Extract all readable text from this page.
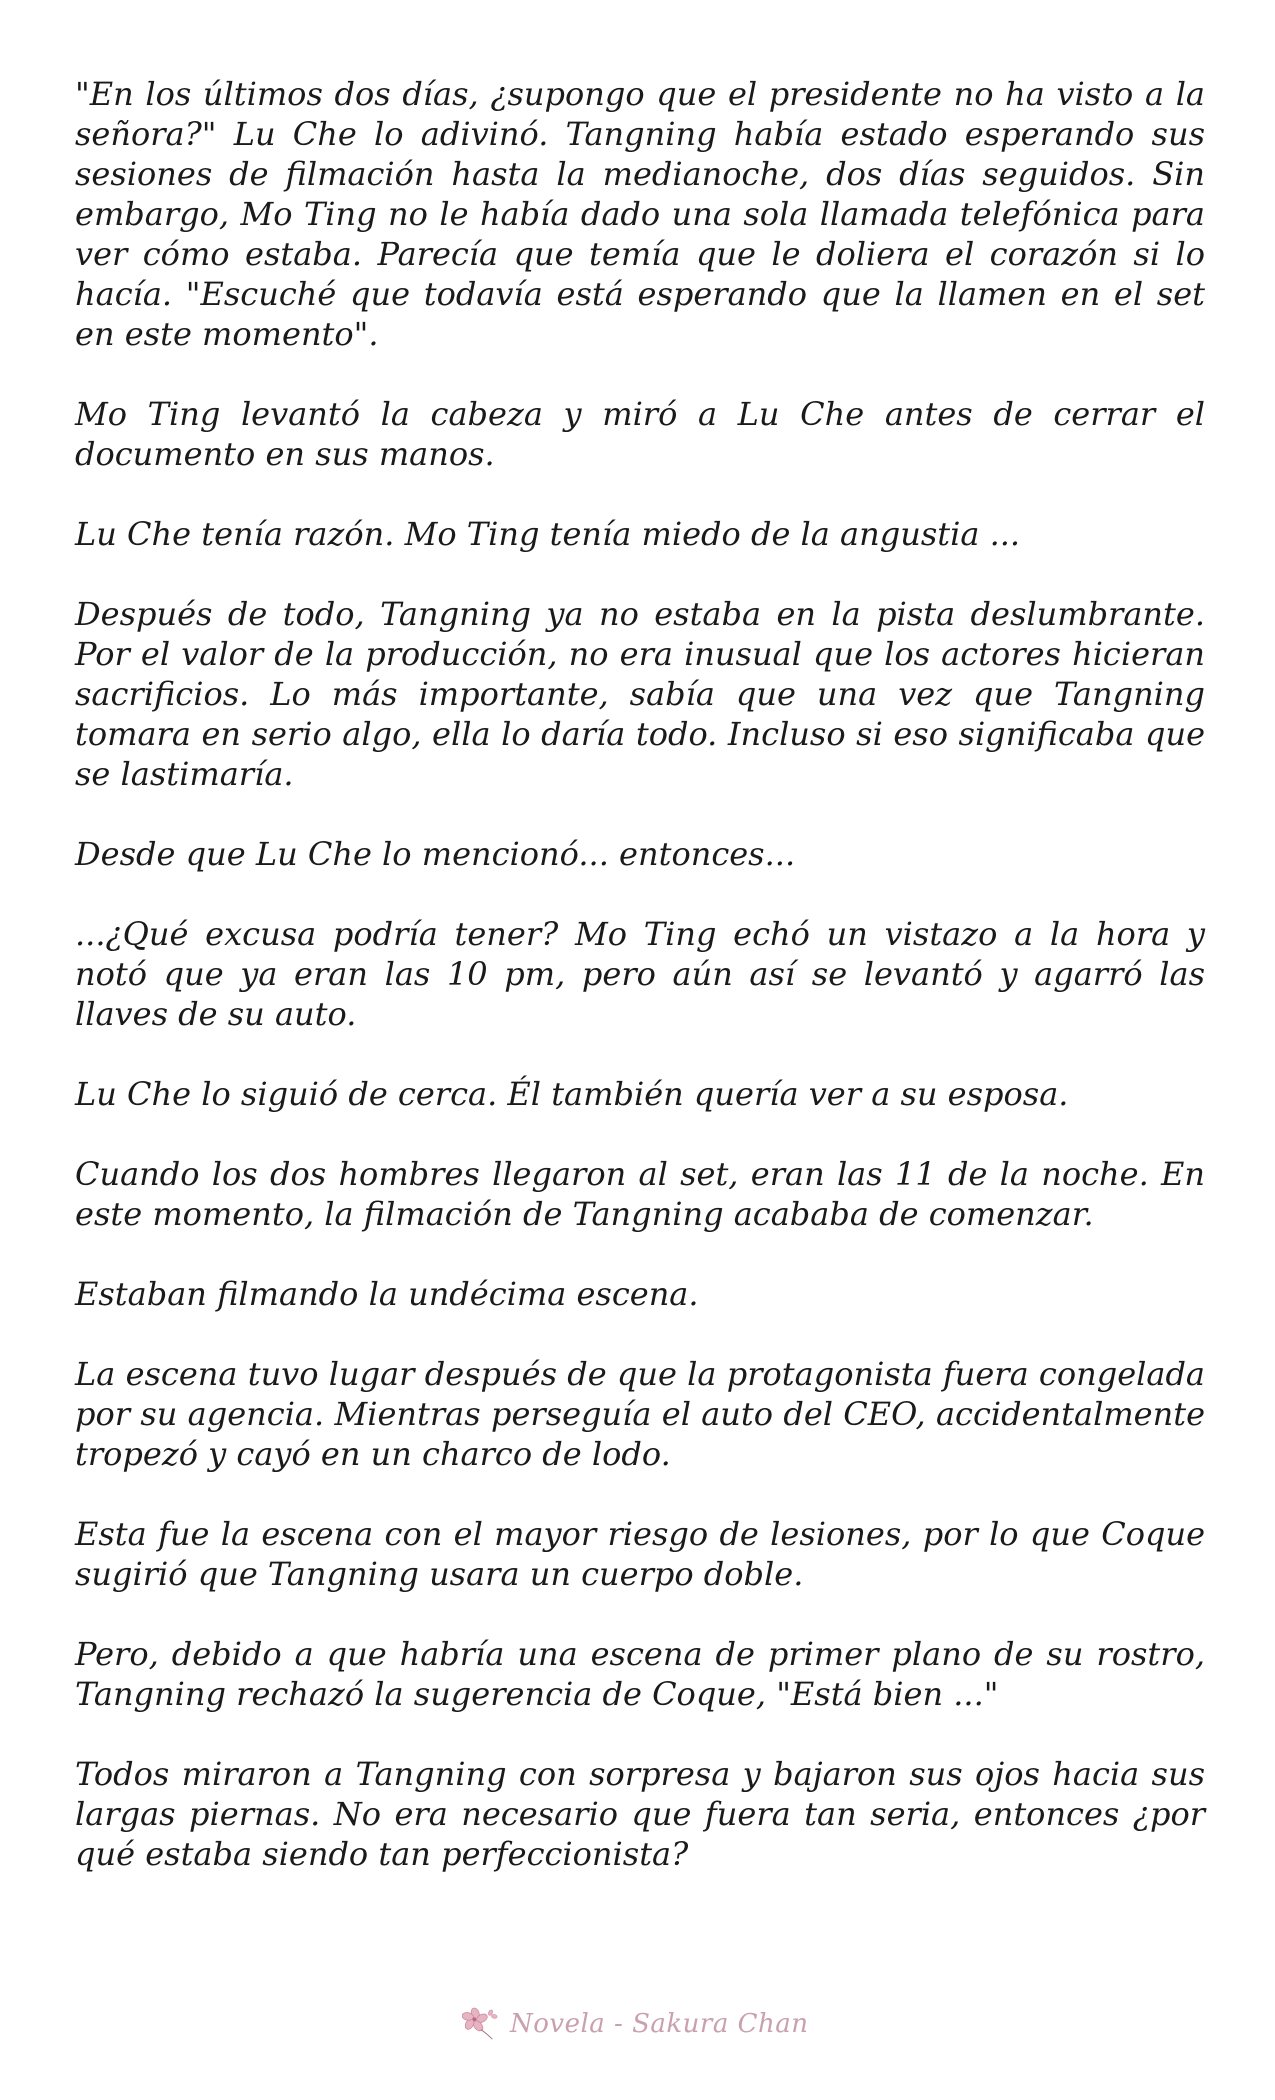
"En los últimos dos días, ¿supongo que el presidente no ha visto a la señora?" Lu Che lo adivinó. Tangning había estado esperando sus sesiones de filmación hasta la medianoche, dos días seguidos. Sin embargo, Mo Ting no le había dado una sola llamada telefónica para ver cómo estaba. Parecía que temía que le doliera el corazón si lo hacía. "Escuché que todavía está esperando que la llamen en el set en este momento".

Mo Ting levantó la cabeza y miró a Lu Che antes de cerrar el documento en sus manos.

Lu Che tenía razón. Mo Ting tenía miedo de la angustia ...

Después de todo, Tangning ya no estaba en la pista deslumbrante. Por el valor de la producción, no era inusual que los actores hicieran sacrificios. Lo más importante, sabía que una vez que Tangning tomara en serio algo, ella lo daría todo. Incluso si eso significaba que se lastimaría.

Desde que Lu Che lo mencionó... entonces...

...¿Qué excusa podría tener? Mo Ting echó un vistazo a la hora y notó que ya eran las 10 pm, pero aún así se levantó y agarró las llaves de su auto.

Lu Che lo siguió de cerca. Él también quería ver a su esposa.

Cuando los dos hombres llegaron al set, eran las 11 de la noche. En este momento, la filmación de Tangning acababa de comenzar.

Estaban filmando la undécima escena.

La escena tuvo lugar después de que la protagonista fuera congelada por su agencia. Mientras perseguía el auto del CEO, accidentalmente tropezó y cayó en un charco de lodo.

Esta fue la escena con el mayor riesgo de lesiones, por lo que Coque sugirió que Tangning usara un cuerpo doble.

Pero, debido a que habría una escena de primer plano de su rostro, Tangning rechazó la sugerencia de Coque, "Está bien ..."

Todos miraron a Tangning con sorpresa y bajaron sus ojos hacia sus largas piernas. No era necesario que fuera tan seria, entonces ¿por qué estaba siendo tan perfeccionista?

Novela - Sakura Chan
